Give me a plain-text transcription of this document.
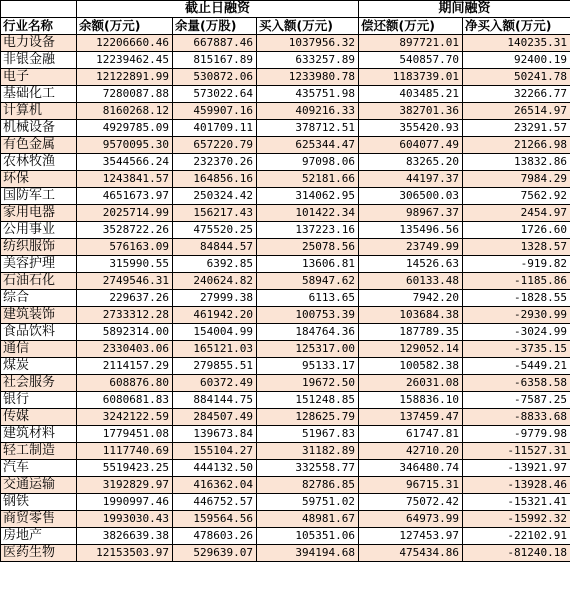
	截止日融资			期间融资	
行业名称	余额(万元)	余量(万股)	买入额(万元)	偿还额(万元)	净买入额(万元)
电力设备	12206660.46	667887.46	1037956.32	897721.01	140235.31
非银金融	12239462.45	815167.89	633257.89	540857.70	92400.19
电子	12122891.99	530872.06	1233980.78	1183739.01	50241.78
基础化工	7280087.88	573022.64	435751.98	403485.21	32266.77
计算机	8160268.12	459907.16	409216.33	382701.36	26514.97
机械设备	4929785.09	401709.11	378712.51	355420.93	23291.57
有色金属	9570095.30	657220.79	625344.47	604077.49	21266.98
农林牧渔	3544566.24	232370.26	97098.06	83265.20	13832.86
环保	1243841.57	164856.16	52181.66	44197.37	7984.29
国防军工	4651673.97	250324.42	314062.95	306500.03	7562.92
家用电器	2025714.99	156217.43	101422.34	98967.37	2454.97
公用事业	3528722.26	475520.25	137223.16	135496.56	1726.60
纺织服饰	576163.09	84844.57	25078.56	23749.99	1328.57
美容护理	315990.55	6392.85	13606.81	14526.63	-919.82
石油石化	2749546.31	240624.82	58947.62	60133.48	-1185.86
综合	229637.26	27999.38	6113.65	7942.20	-1828.55
建筑装饰	2733312.28	461942.20	100753.39	103684.38	-2930.99
食品饮料	5892314.00	154004.99	184764.36	187789.35	-3024.99
通信	2330403.06	165121.03	125317.00	129052.14	-3735.15
煤炭	2114157.29	279855.51	95133.17	100582.38	-5449.21
社会服务	608876.80	60372.49	19672.50	26031.08	-6358.58
银行	6080681.83	884144.75	151248.85	158836.10	-7587.25
传媒	3242122.59	284507.49	128625.79	137459.47	-8833.68
建筑材料	1779451.08	139673.84	51967.83	61747.81	-9779.98
轻工制造	1117740.69	155104.27	31182.89	42710.20	-11527.31
汽车	5519423.25	444132.50	332558.77	346480.74	-13921.97
交通运输	3192829.97	416362.04	82786.85	96715.31	-13928.46
钢铁	1990997.46	446752.57	59751.02	75072.42	-15321.41
商贸零售	1993030.43	159564.56	48981.67	64973.99	-15992.32
房地产	3826639.38	478603.26	105351.06	127453.97	-22102.91
医药生物	12153503.97	529639.07	394194.68	475434.86	-81240.18
